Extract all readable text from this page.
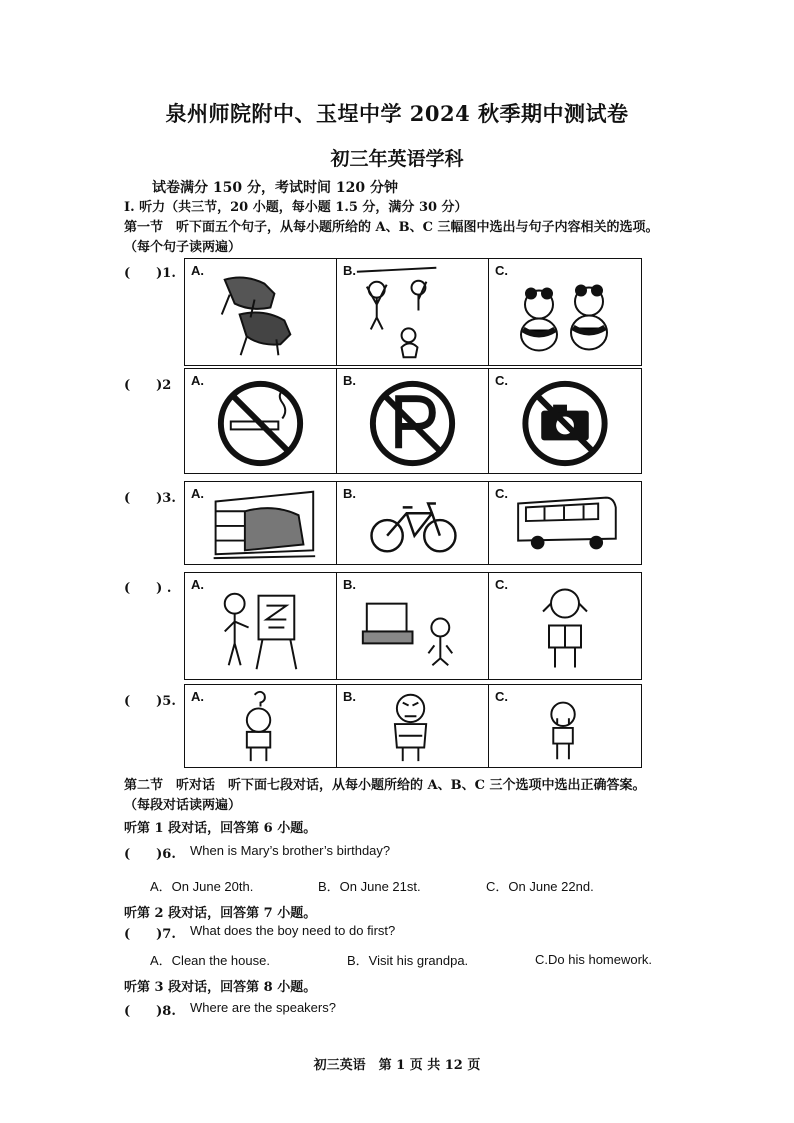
泉州师院附中、玉埕中学 2024 秋季期中测试卷
初三年英语学科
试卷满分 150 分，考试时间 120 分钟
I. 听力（共三节，20 小题，每小题 1.5 分，满分 30 分）
第一节　听下面五个句子，从每小题所给的 A、B、C 三幅图中选出与句子内容相关的选项。
（每个句子读两遍）
(　　)1. A.	B.	C.
(　　)2 A.	B.	C.
(　　)3. A.	B.	C.
(　　) . A.	B.	C.
(　　)5. A.	B.	C.
第二节　听对话　听下面七段对话，从每小题所给的 A、B、C 三个选项中选出正确答案。
（每段对话读两遍）
听第 1 段对话，回答第 6 小题。
(　　)6. When is Mary’s brother’s birthday?
A．On June 20th.	B．On June 21st.	C．On June 22nd.
听第 2 段对话，回答第 7 小题。
(　　)7. What does the boy need to do first?
A．Clean the house.	B．Visit his grandpa.	C.Do his homework.
听第 3 段对话，回答第 8 小题。
(　　)8. Where are the speakers?
初三英语　第 1 页 共 12 页
